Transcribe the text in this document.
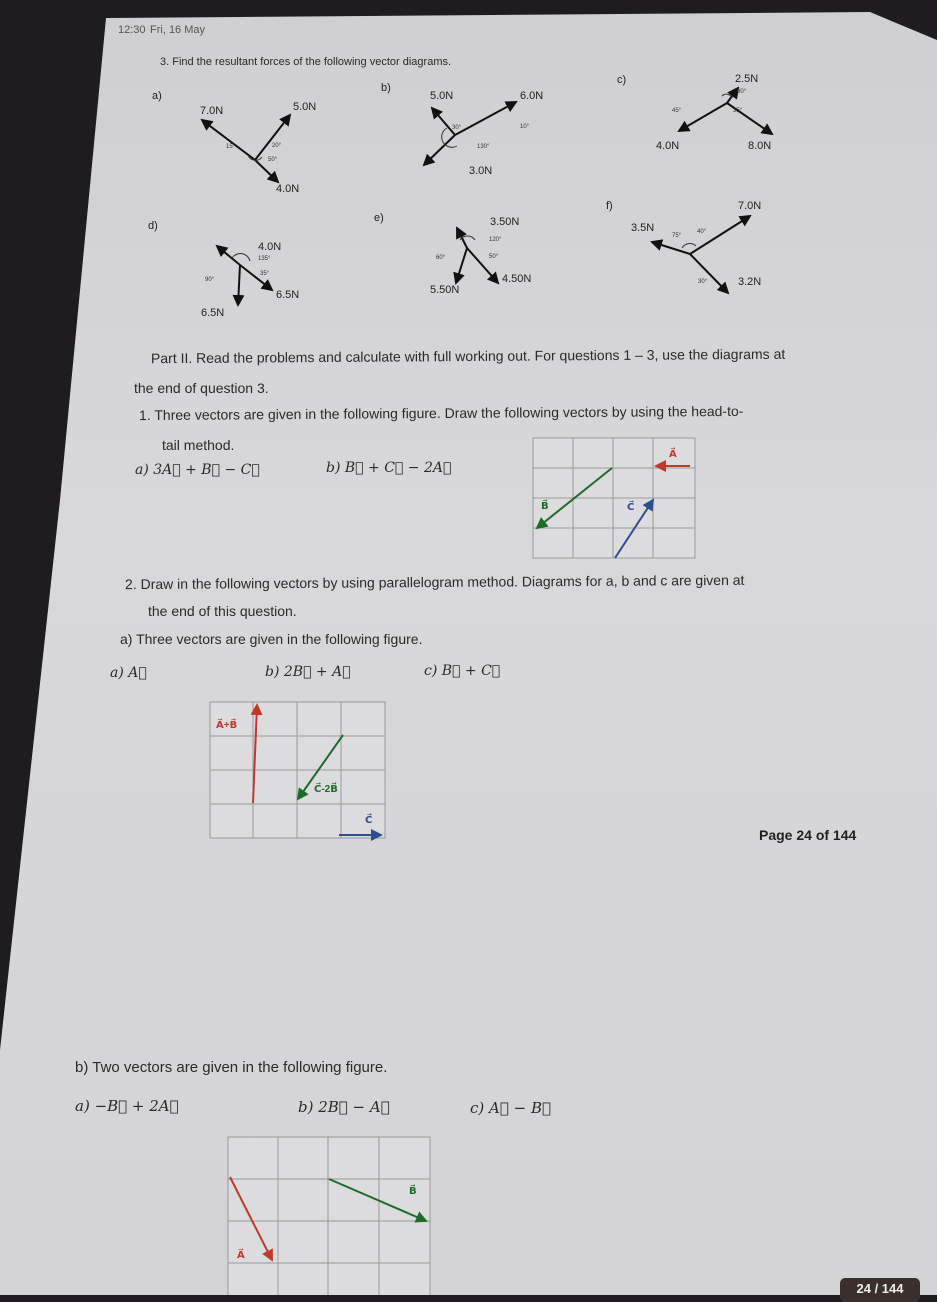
12:30 Fri, 16 May
3. Find the resultant forces of the following vector diagrams.
a)
7.0N	5.0N
4.0N
15°	20°
50°
b)
5.0N	6.0N
3.0N
30°	10°
130°
c)	2.5N
4.0N	8.0N
80°
45°	35°
d)
4.0N
6.5N
6.5N
135°
35°
90°
e)	3.50N
4.50N
5.50N
120°
60°	50°
f)	7.0N
3.5N
3.2N
75°
40°
30°
Part II. Read the problems and calculate with full working out. For questions 1 – 3, use the diagrams at
the end of question 3.
1. Three vectors are given in the following figure. Draw the following vectors by using the head-to-
tail method.
a) 3A⃗ + B⃗ − C⃗	b) B⃗ + C⃗ − 2A⃗
A⃗
B⃗	C⃗
2. Draw in the following vectors by using parallelogram method. Diagrams for a, b and c are given at
the end of this question.
a) Three vectors are given in the following figure.
a) A⃗	b) 2B⃗ + A⃗	c) B⃗ + C⃗
A⃗+B⃗
C⃗-2B⃗
C⃗
Page 24 of 144
b) Two vectors are given in the following figure.
a) −B⃗ + 2A⃗	b) 2B⃗ − A⃗	c) A⃗ − B⃗
A⃗
B⃗
24 / 144
